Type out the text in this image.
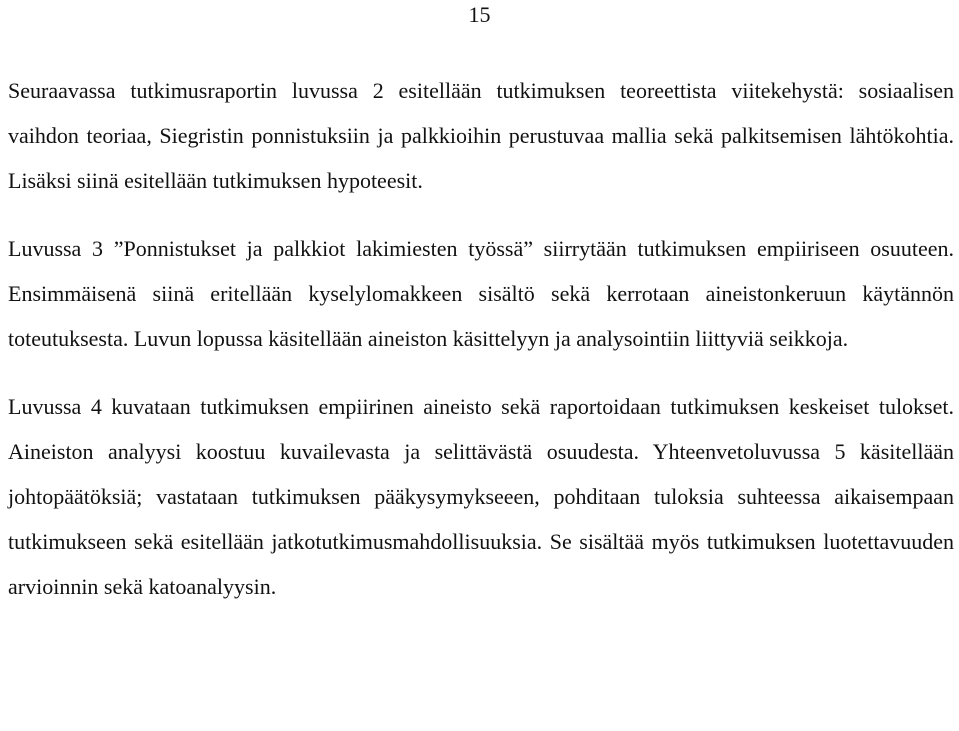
15

Seuraavassa tutkimusraportin luvussa 2 esitellään tutkimuksen teoreettista viitekehystä: sosiaalisen vaihdon teoriaa, Siegristin ponnistuksiin ja palkkioihin perustuvaa mallia sekä palkitsemisen lähtökohtia. Lisäksi siinä esitellään tutkimuksen hypoteesit.

Luvussa 3 ”Ponnistukset ja palkkiot lakimiesten työssä” siirrytään tutkimuksen empiiriseen osuuteen. Ensimmäisenä siinä eritellään kyselylomakkeen sisältö sekä kerrotaan aineistonkeruun käytännön toteutuksesta. Luvun lopussa käsitellään aineiston käsittelyyn ja analysointiin liittyviä seikkoja.

Luvussa 4 kuvataan tutkimuksen empiirinen aineisto sekä raportoidaan tutkimuksen keskeiset tulokset. Aineiston analyysi koostuu kuvailevasta ja selittävästä osuudesta. Yhteenvetoluvussa 5 käsitellään johtopäätöksiä; vastataan tutkimuksen pääkysymykseeen, pohditaan tuloksia suhteessa aikaisempaan tutkimukseen sekä esitellään jatkotutkimusmahdollisuuksia. Se sisältää myös tutkimuksen luotettavuuden arvioinnin sekä katoanalyysin.
